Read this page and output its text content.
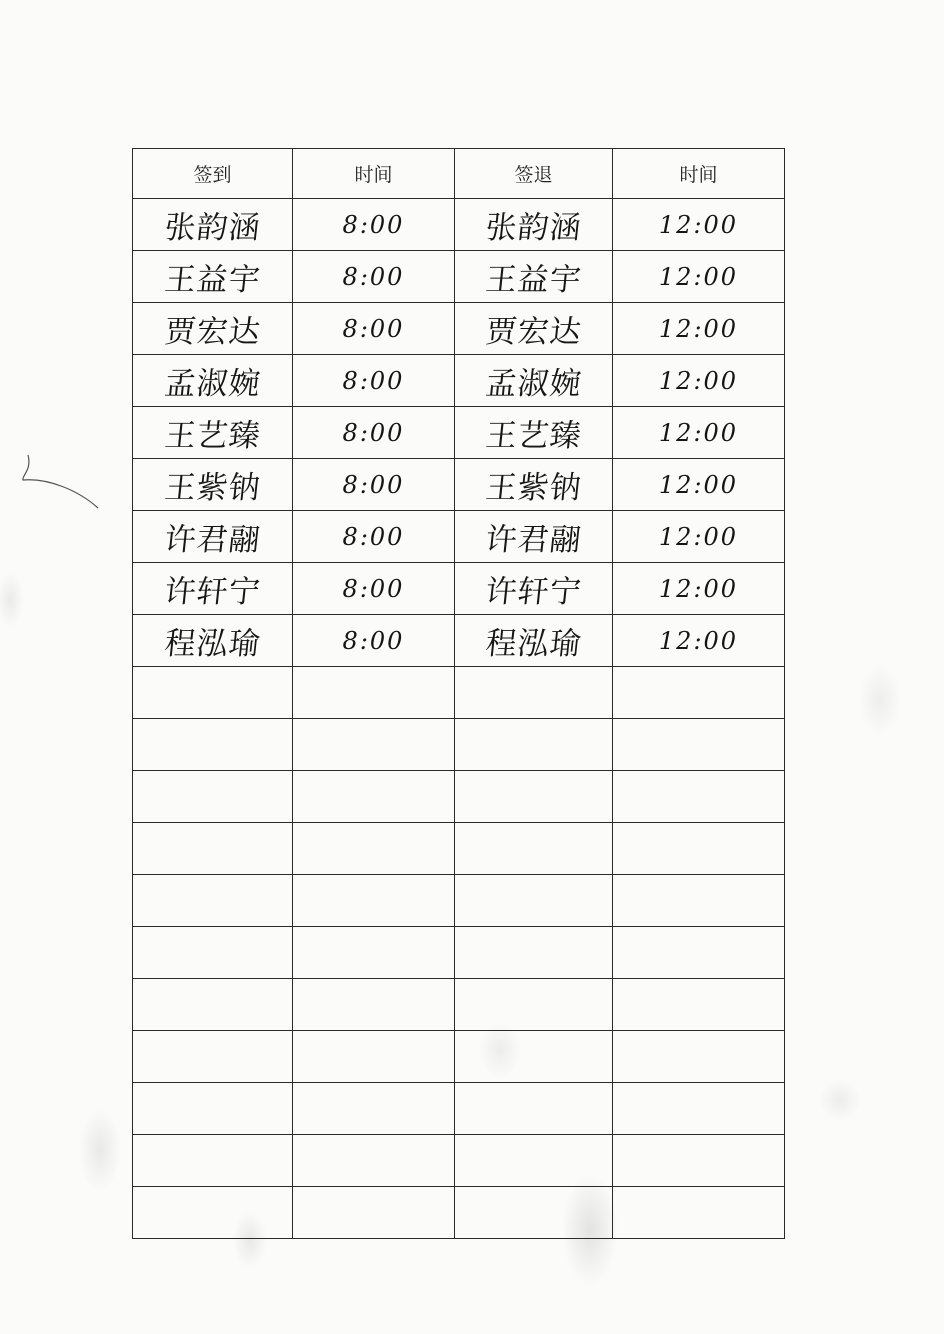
签到	时间	签退	时间
张韵涵	8:00	张韵涵	12:00
王益宇	8:00	王益宇	12:00
贾宏达	8:00	贾宏达	12:00
孟淑婉	8:00	孟淑婉	12:00
王艺臻	8:00	王艺臻	12:00
王紫钠	8:00	王紫钠	12:00
许君翮	8:00	许君翮	12:00
许轩宁	8:00	许轩宁	12:00
程泓瑜	8:00	程泓瑜	12:00
